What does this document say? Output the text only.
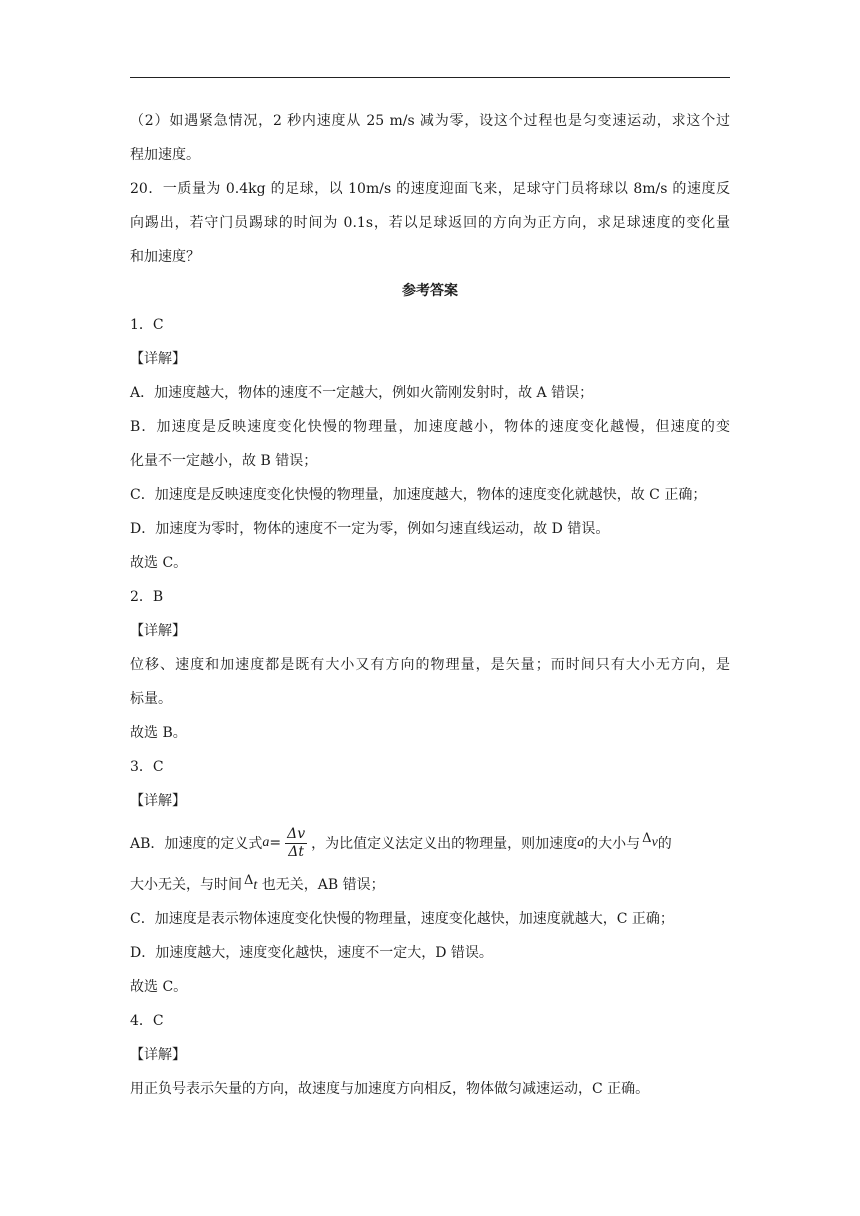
（2）如遇紧急情况，2 秒内速度从 25 m/s 减为零，设这个过程也是匀变速运动，求这个过
程加速度。
20．一质量为 0.4kg 的足球，以 10m/s 的速度迎面飞来，足球守门员将球以 8m/s 的速度反
向踢出，若守门员踢球的时间为 0.1s，若以足球返回的方向为正方向，求足球速度的变化量
和加速度？
参考答案
1．C
【详解】
A．加速度越大，物体的速度不一定越大，例如火箭刚发射时，故 A 错误；
B．加速度是反映速度变化快慢的物理量，加速度越小，物体的速度变化越慢，但速度的变
化量不一定越小，故 B 错误；
C．加速度是反映速度变化快慢的物理量，加速度越大，物体的速度变化就越快，故 C 正确；
D．加速度为零时，物体的速度不一定为零，例如匀速直线运动，故 D 错误。
故选 C。
2．B
【详解】
位移、速度和加速度都是既有大小又有方向的物理量，是矢量；而时间只有大小无方向，是
标量。
故选 B。
3．C
【详解】
AB．加速度的定义式 $a = \frac{\Delta v}{\Delta t}$ ，为比值定义法定义出的物理量，则加速度 a 的大小与 Δ v 的
大小无关，与时间 Δt 也无关，AB 错误；
C．加速度是表示物体速度变化快慢的物理量，速度变化越快，加速度就越大，C 正确；
D．加速度越大，速度变化越快，速度不一定大，D 错误。
故选 C。
4．C
【详解】
用正负号表示矢量的方向，故速度与加速度方向相反，物体做匀减速运动，C 正确。
